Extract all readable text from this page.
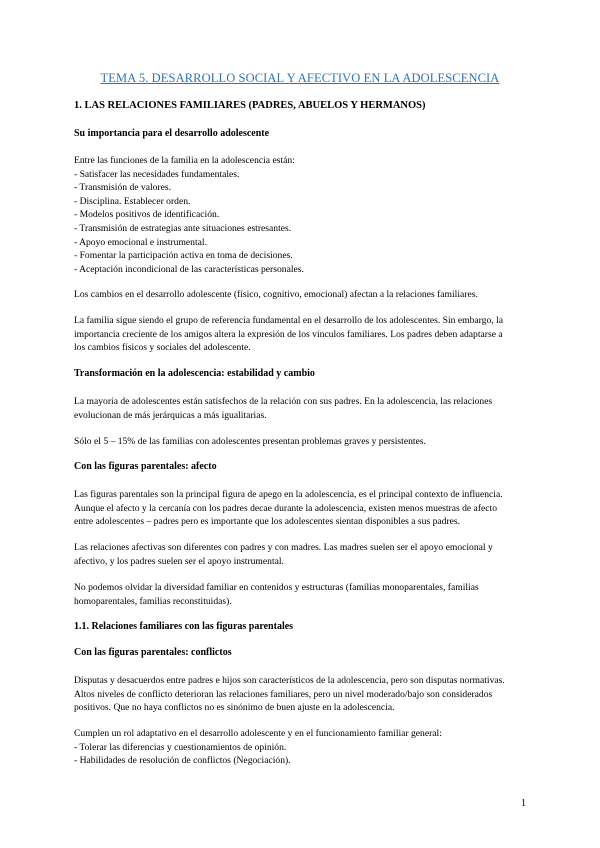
TEMA 5. DESARROLLO SOCIAL Y AFECTIVO EN LA ADOLESCENCIA
1. LAS RELACIONES FAMILIARES (PADRES, ABUELOS Y HERMANOS)
Su importancia para el desarrollo adolescente
Entre las funciones de la familia en la adolescencia están:
- Satisfacer las necesidades fundamentales.
- Transmisión de valores.
- Disciplina. Establecer orden.
- Modelos positivos de identificación.
- Transmisión de estrategias ante situaciones estresantes.
- Apoyo emocional e instrumental.
- Fomentar la participación activa en toma de decisiones.
- Aceptación incondicional de las características personales.
Los cambios en el desarrollo adolescente (físico, cognitivo, emocional) afectan a la relaciones familiares.
La familia sigue siendo el grupo de referencia fundamental en el desarrollo de los adolescentes. Sin embargo, la
importancia creciente de los amigos altera la expresión de los vínculos familiares. Los padres deben adaptarse a
los cambios físicos y sociales del adolescente.
Transformación en la adolescencia: estabilidad y cambio
La mayoría de adolescentes están satisfechos de la relación con sus padres. En la adolescencia, las relaciones
evolucionan de más jerárquicas a más igualitarias.
Sólo el 5 – 15% de las familias con adolescentes presentan problemas graves y persistentes.
Con las figuras parentales: afecto
Las figuras parentales son la principal figura de apego en la adolescencia, es el principal contexto de influencia.
Aunque el afecto y la cercanía con los padres decae durante la adolescencia, existen menos muestras de afecto
entre adolescentes – padres pero es importante que los adolescentes sientan disponibles a sus padres.
Las relaciones afectivas son diferentes con padres y con madres. Las madres suelen ser el apoyo emocional y
afectivo, y los padres suelen ser el apoyo instrumental.
No podemos olvidar la diversidad familiar en contenidos y estructuras (familias monoparentales, familias
homoparentales, familias reconstituidas).
1.1. Relaciones familiares con las figuras parentales
Con las figuras parentales: conflictos
Disputas y desacuerdos entre padres e hijos son característicos de la adolescencia, pero son disputas normativas.
Altos niveles de conflicto deterioran las relaciones familiares, pero un nivel moderado/bajo son considerados
positivos. Que no haya conflictos no es sinónimo de buen ajuste en la adolescencia.
Cumplen un rol adaptativo en el desarrollo adolescente y en el funcionamiento familiar general:
- Tolerar las diferencias y cuestionamientos de opinión.
- Habilidades de resolución de conflictos (Negociación).
1
